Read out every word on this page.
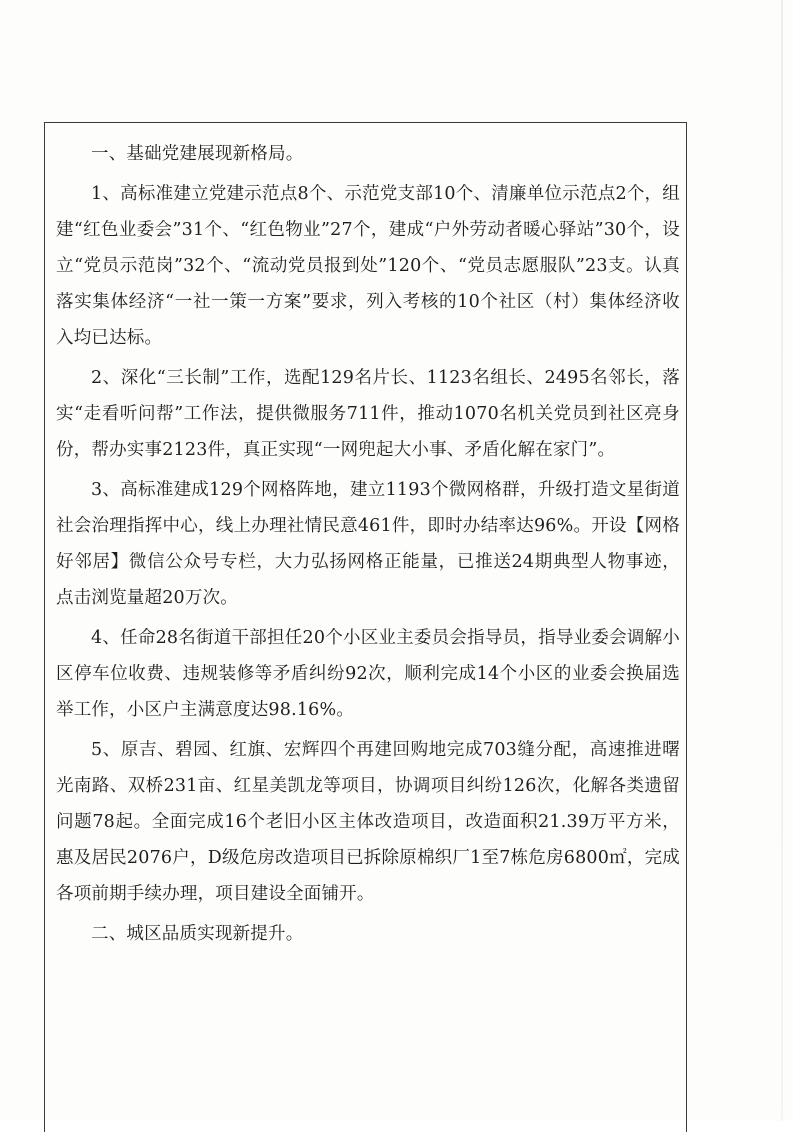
一、基础党建展现新格局。

1、高标准建立党建示范点8个、示范党支部10个、清廉单位示范点2个，组建“红色业委会”31个、“红色物业”27个，建成“户外劳动者暖心驿站”30个，设立“党员示范岗”32个、“流动党员报到处”120个、“党员志愿服队”23支。认真落实集体经济“一社一策一方案”要求，列入考核的10个社区（村）集体经济收入均已达标。

2、深化“三长制”工作，选配129名片长、1123名组长、2495名邻长，落实“走看听问帮”工作法，提供微服务711件，推动1070名机关党员到社区亮身份，帮办实事2123件，真正实现“一网兜起大小事、矛盾化解在家门”。

3、高标准建成129个网格阵地，建立1193个微网格群，升级打造文星街道社会治理指挥中心，线上办理社情民意461件，即时办结率达96%。开设【网格好邻居】微信公众号专栏，大力弘扬网格正能量，已推送24期典型人物事迹，点击浏览量超20万次。

4、任命28名街道干部担任20个小区业主委员会指导员，指导业委会调解小区停车位收费、违规装修等矛盾纠纷92次，顺利完成14个小区的业委会换届选举工作，小区户主满意度达98.16%。

5、原吉、碧园、红旗、宏辉四个再建回购地完成703缝分配，高速推进曙光南路、双桥231亩、红星美凯龙等项目，协调项目纠纷126次，化解各类遗留问题78起。全面完成16个老旧小区主体改造项目，改造面积21.39万平方米，惠及居民2076户，D级危房改造项目已拆除原棉织厂1至7栋危房6800㎡，完成各项前期手续办理，项目建设全面铺开。

二、城区品质实现新提升。
